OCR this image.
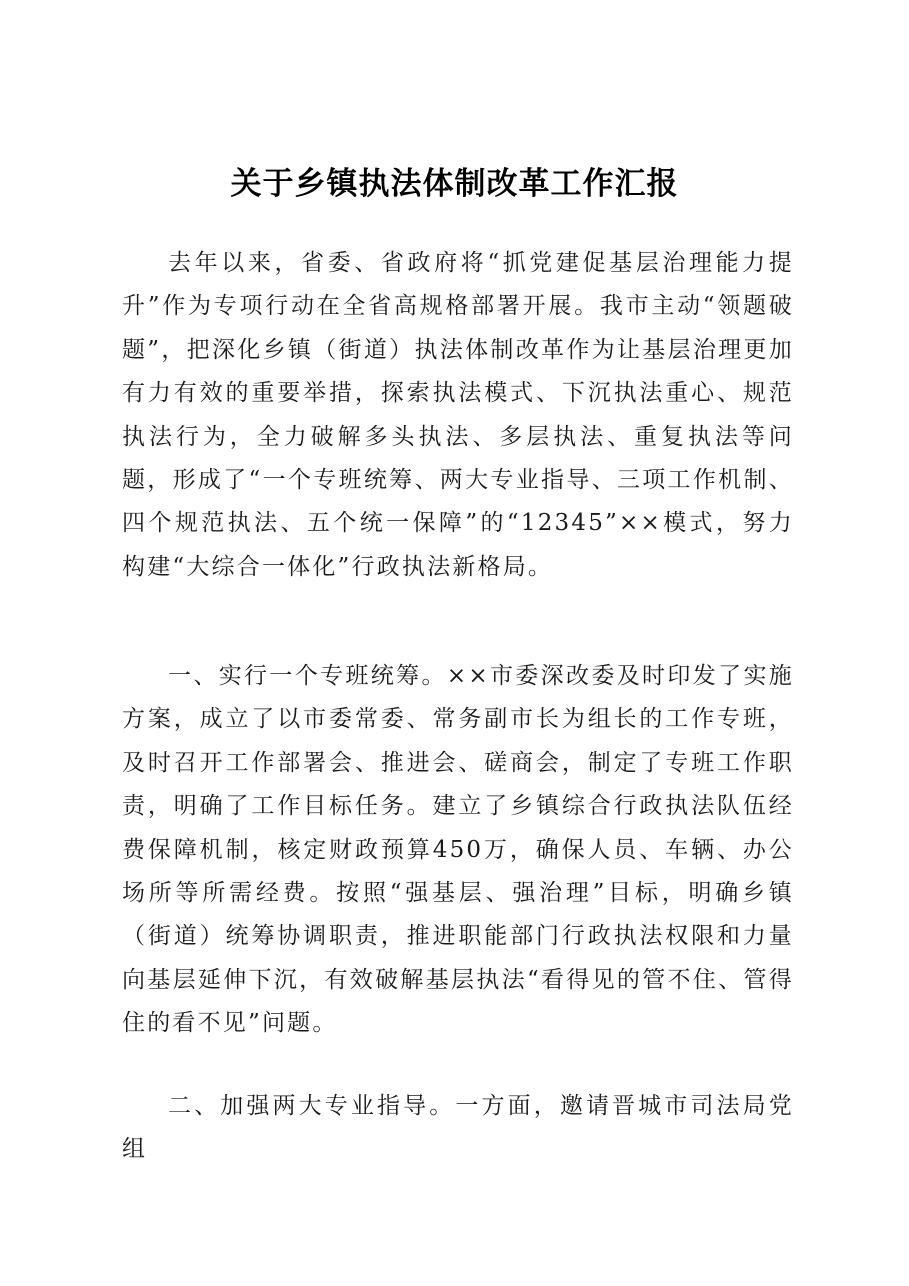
关于乡镇执法体制改革工作汇报

去年以来，省委、省政府将“抓党建促基层治理能力提升”作为专项行动在全省高规格部署开展。我市主动“领题破题”，把深化乡镇（街道）执法体制改革作为让基层治理更加有力有效的重要举措，探索执法模式、下沉执法重心、规范执法行为，全力破解多头执法、多层执法、重复执法等问题，形成了“一个专班统筹、两大专业指导、三项工作机制、四个规范执法、五个统一保障”的“12345”××模式，努力构建“大综合一体化”行政执法新格局。

一、实行一个专班统筹。××市委深改委及时印发了实施方案，成立了以市委常委、常务副市长为组长的工作专班，及时召开工作部署会、推进会、磋商会，制定了专班工作职责，明确了工作目标任务。建立了乡镇综合行政执法队伍经费保障机制，核定财政预算450万，确保人员、车辆、办公场所等所需经费。按照“强基层、强治理”目标，明确乡镇（街道）统筹协调职责，推进职能部门行政执法权限和力量向基层延伸下沉，有效破解基层执法“看得见的管不住、管得住的看不见”问题。

二、加强两大专业指导。一方面，邀请晋城市司法局党组
